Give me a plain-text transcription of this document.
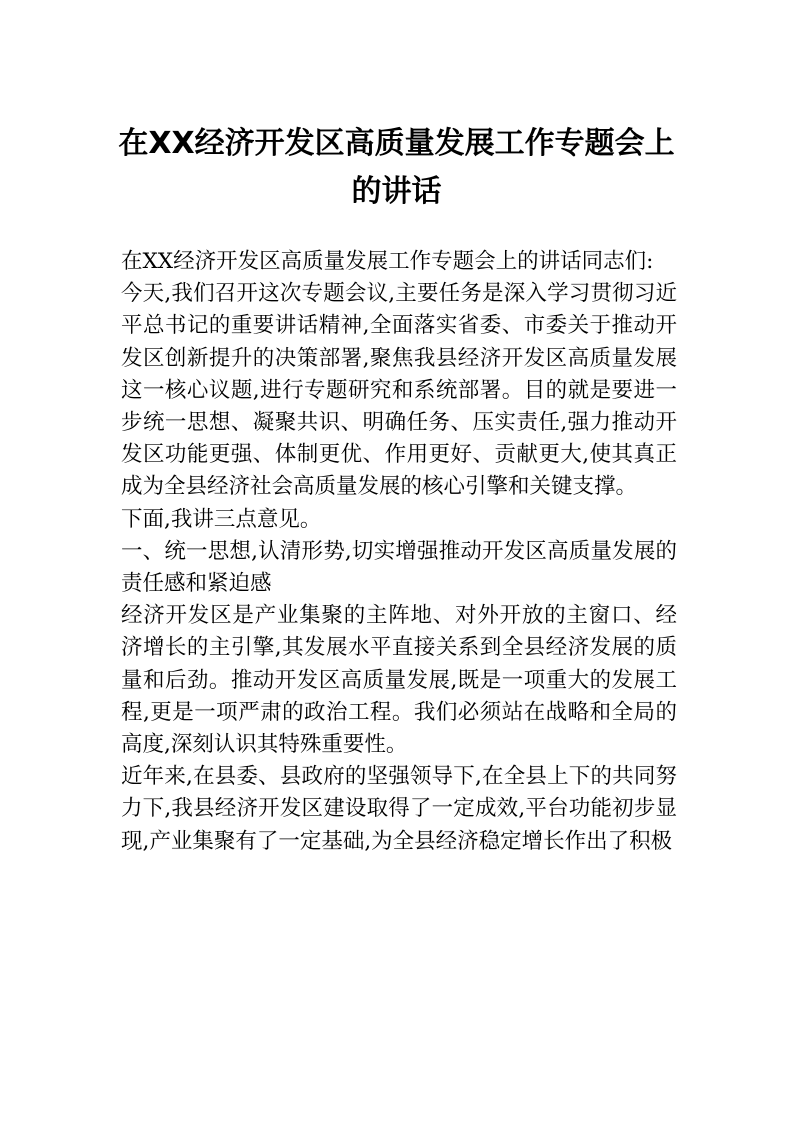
在XX经济开发区高质量发展工作专题会上
的讲话

在XX经济开发区高质量发展工作专题会上的讲话同志们:

今天,我们召开这次专题会议,主要任务是深入学习贯彻习近平总书记的重要讲话精神,全面落实省委、市委关于推动开发区创新提升的决策部署,聚焦我县经济开发区高质量发展这一核心议题,进行专题研究和系统部署。目的就是要进一步统一思想、凝聚共识、明确任务、压实责任,强力推动开发区功能更强、体制更优、作用更好、贡献更大,使其真正成为全县经济社会高质量发展的核心引擎和关键支撑。

下面,我讲三点意见。

一、统一思想,认清形势,切实增强推动开发区高质量发展的责任感和紧迫感

经济开发区是产业集聚的主阵地、对外开放的主窗口、经济增长的主引擎,其发展水平直接关系到全县经济发展的质量和后劲。推动开发区高质量发展,既是一项重大的发展工程,更是一项严肃的政治工程。我们必须站在战略和全局的高度,深刻认识其特殊重要性。

近年来,在县委、县政府的坚强领导下,在全县上下的共同努力下,我县经济开发区建设取得了一定成效,平台功能初步显现,产业集聚有了一定基础,为全县经济稳定增长作出了积极
